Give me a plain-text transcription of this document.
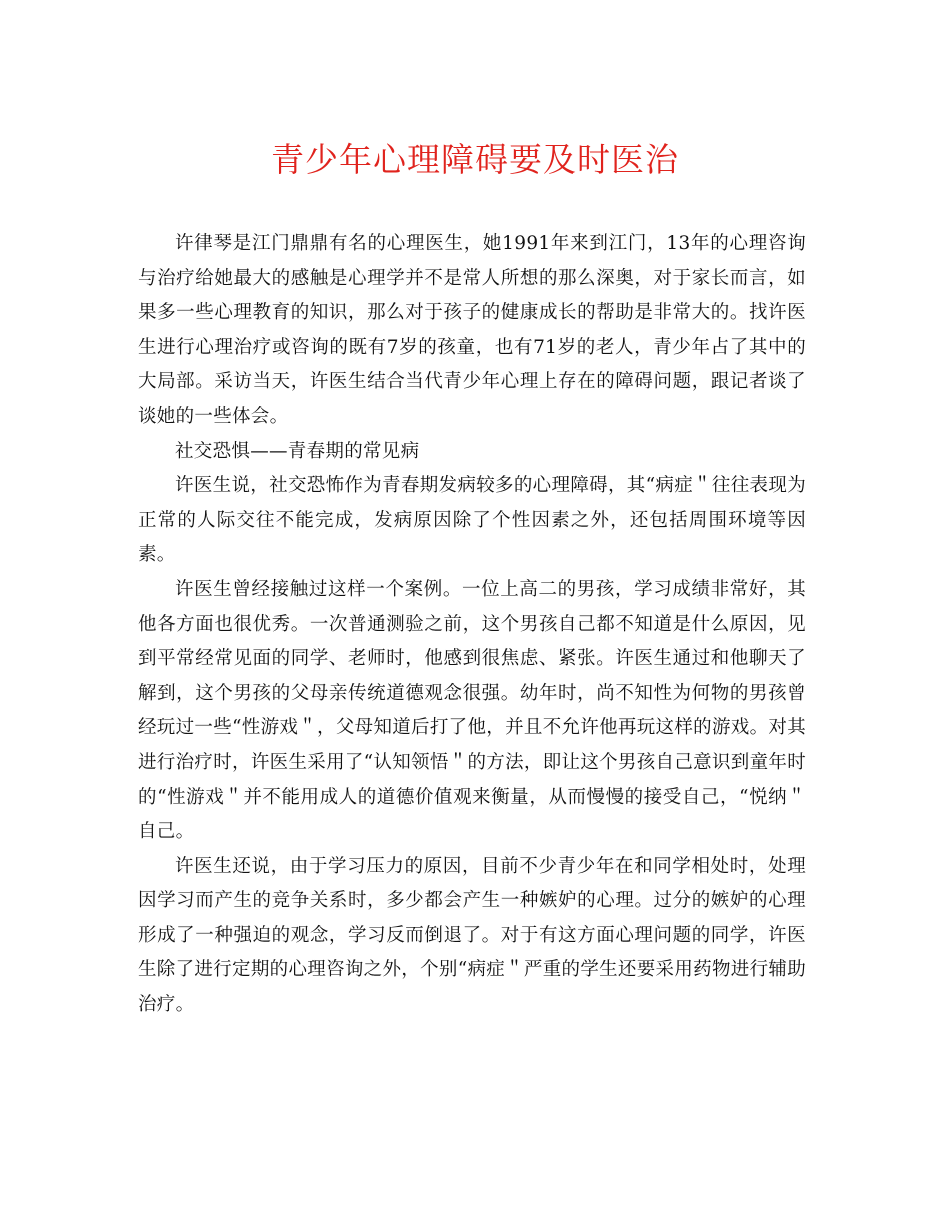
青少年心理障碍要及时医治

许律琴是江门鼎鼎有名的心理医生，她1991年来到江门，13年的心理咨询与治疗给她最大的感触是心理学并不是常人所想的那么深奥，对于家长而言，如果多一些心理教育的知识，那么对于孩子的健康成长的帮助是非常大的。找许医生进行心理治疗或咨询的既有7岁的孩童，也有71岁的老人，青少年占了其中的大局部。采访当天，许医生结合当代青少年心理上存在的障碍问题，跟记者谈了谈她的一些体会。

社交恐惧——青春期的常见病

许医生说，社交恐怖作为青春期发病较多的心理障碍，其“病症＂往往表现为正常的人际交往不能完成，发病原因除了个性因素之外，还包括周围环境等因素。

许医生曾经接触过这样一个案例。一位上高二的男孩，学习成绩非常好，其他各方面也很优秀。一次普通测验之前，这个男孩自己都不知道是什么原因，见到平常经常见面的同学、老师时，他感到很焦虑、紧张。许医生通过和他聊天了解到，这个男孩的父母亲传统道德观念很强。幼年时，尚不知性为何物的男孩曾经玩过一些“性游戏＂，父母知道后打了他，并且不允许他再玩这样的游戏。对其进行治疗时，许医生采用了“认知领悟＂的方法，即让这个男孩自己意识到童年时的“性游戏＂并不能用成人的道德价值观来衡量，从而慢慢的接受自己，“悦纳＂自己。

许医生还说，由于学习压力的原因，目前不少青少年在和同学相处时，处理因学习而产生的竞争关系时，多少都会产生一种嫉妒的心理。过分的嫉妒的心理形成了一种强迫的观念，学习反而倒退了。对于有这方面心理问题的同学，许医生除了进行定期的心理咨询之外，个别“病症＂严重的学生还要采用药物进行辅助治疗。
